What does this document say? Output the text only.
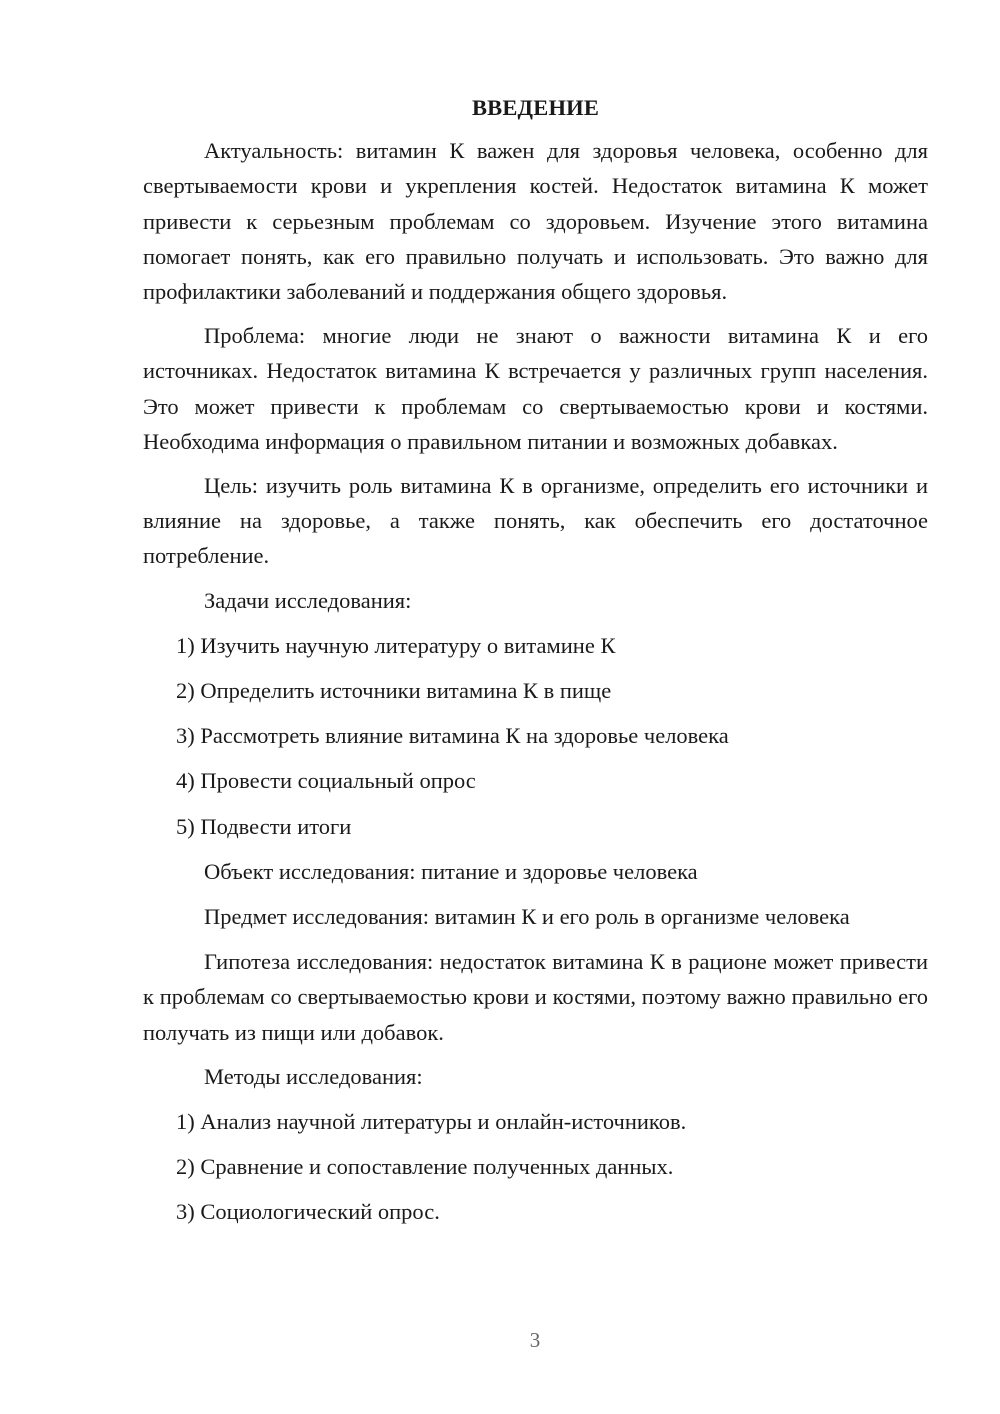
ВВЕДЕНИЕ

Актуальность: витамин К важен для здоровья человека, особенно для свертываемости крови и укрепления костей. Недостаток витамина К может привести к серьезным проблемам со здоровьем. Изучение этого витамина помогает понять, как его правильно получать и использовать. Это важно для профилактики заболеваний и поддержания общего здоровья.

Проблема: многие люди не знают о важности витамина К и его источниках. Недостаток витамина К встречается у различных групп населения. Это может привести к проблемам со свертываемостью крови и костями. Необходима информация о правильном питании и возможных добавках.

Цель: изучить роль витамина К в организме, определить его источники и влияние на здоровье, а также понять, как обеспечить его достаточное потребление.

Задачи исследования:
1) Изучить научную литературу о витамине К
2) Определить источники витамина К в пище
3) Рассмотреть влияние витамина К на здоровье человека
4) Провести социальный опрос
5) Подвести итоги
Объект исследования: питание и здоровье человека
Предмет исследования: витамин К и его роль в организме человека

Гипотеза исследования: недостаток витамина К в рационе может привести к проблемам со свертываемостью крови и костями, поэтому важно правильно его получать из пищи или добавок.

Методы исследования:
1) Анализ научной литературы и онлайн-источников.
2) Сравнение и сопоставление полученных данных.
3) Социологический опрос.
3
